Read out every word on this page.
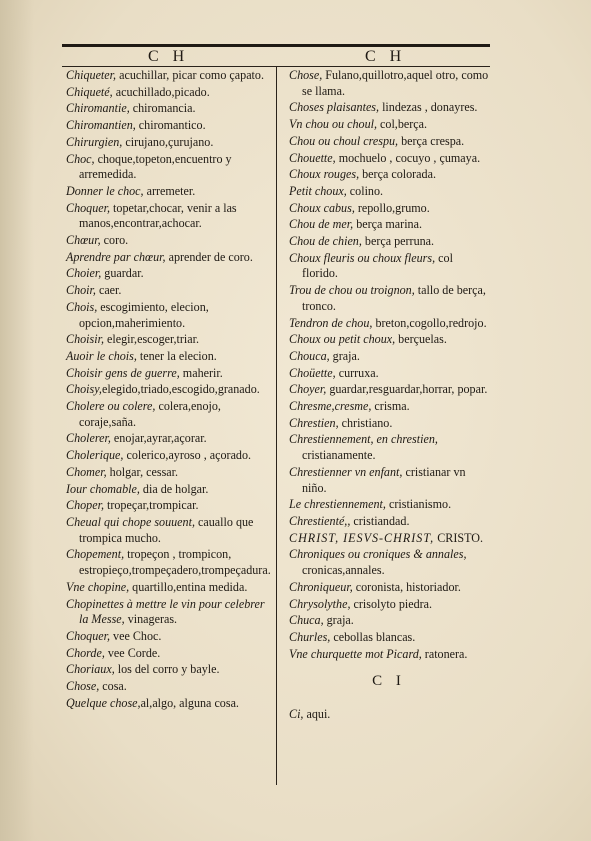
C H	C H
Chiqueter, acuchillar, picar como çapato.
Chiqueté, acuchillado,picado.
Chiromantie, chiromancia.
Chiromantien, chiromantico.
Chirurgien, cirujano,çurujano.
Choc, choque,topeton,encuentro y arremedida.
Donner le choc, arremeter.
Choquer, topetar,chocar, venir a las manos,encontrar,achocar.
Chœur, coro.
Aprendre par chœur, aprender de coro.
Choier, guardar.
Choir, caer.
Chois, escogimiento, elecion, opcion,maherimiento.
Choisir, elegir,escoger,triar.
Auoir le chois, tener la elecion.
Choisir gens de guerre, maherir.
Choisy,elegido,triado,escogido,granado.
Cholere ou colere, colera,enojo, coraje,saña.
Cholerer, enojar,ayrar,açorar.
Cholerique, colerico,ayroso , açorado.
Chomer, holgar, cessar.
Iour chomable, dia de holgar.
Choper, tropeçar,trompicar.
Cheual qui chope souuent, cauallo que trompica mucho.
Chopement, tropeçon , trompicon, estropieço,trompeçadero,trompeçadura.
Vne chopine, quartillo,entina medida.
Chopinettes à mettre le vin pour celebrer la Messe, vinageras.
Choquer, vee Choc.
Chorde, vee Corde.
Choriaux, los del corro y bayle.
Chose, cosa.
Quelque chose,al,algo, alguna cosa.
Chose, Fulano,quillotro,aquel otro, como se llama.
Choses plaisantes, lindezas , donayres.
Vn chou ou choul, col,berça.
Chou ou choul crespu, berça crespa.
Chouette, mochuelo , cocuyo , çumaya.
Choux rouges, berça colorada.
Petit choux, colino.
Choux cabus, repollo,grumo.
Chou de mer, berça marina.
Chou de chien, berça perruna.
Choux fleuris ou choux fleurs, col florido.
Trou de chou ou troignon, tallo de berça, tronco.
Tendron de chou, breton,cogollo,redrojo.
Choux ou petit choux, berçuelas.
Chouca, graja.
Choüette, curruxa.
Choyer, guardar,resguardar,horrar, popar.
Chresme,cresme, crisma.
Chrestien, christiano.
Chrestiennement, en chrestien, cristianamente.
Chrestienner vn enfant, cristianar vn niño.
Le chrestiennement, cristianismo.
Chrestienté,, cristiandad.
CHRIST, IESVS-CHRIST, CRISTO.
Chroniques ou croniques & annales, cronicas,annales.
Chroniqueur, coronista, historiador.
Chrysolythe, crisolyto piedra.
Chuca, graja.
Churles, cebollas blancas.
Vne churquette mot Picard, ratonera.
C I
Ci, aqui.
